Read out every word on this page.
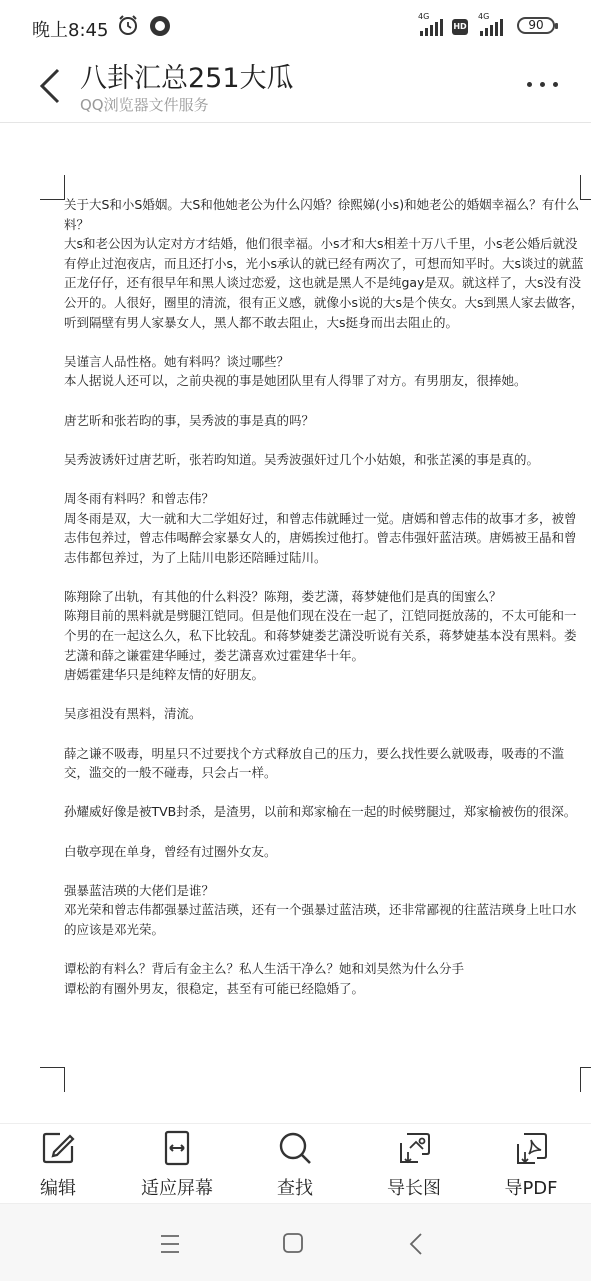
晚上8:45
4G
HD
4G
90
八卦汇总251大瓜
QQ浏览器文件服务

关于大S和小S婚姻。大S和他她老公为什么闪婚？徐熙娣(小s)和她老公的婚姻幸福么？有什么料？
大s和老公因为认定对方才结婚，他们很幸福。小s才和大s相差十万八千里，小s老公婚后就没有停止过泡夜店，而且还打小s，光小s承认的就已经有两次了，可想而知平时。大s谈过的就蓝正龙仔仔，还有很早年和黑人谈过恋爱，这也就是黑人不是纯gay是双。就这样了，大s没有没公开的。人很好，圈里的清流，很有正义感，就像小s说的大s是个侠女。大s到黑人家去做客，听到隔壁有男人家暴女人，黑人都不敢去阻止，大s挺身而出去阻止的。

吴谨言人品性格。她有料吗？谈过哪些？
本人据说人还可以，之前央视的事是她团队里有人得罪了对方。有男朋友，很捧她。

唐艺昕和张若昀的事，吴秀波的事是真的吗？

吴秀波诱奸过唐艺昕，张若昀知道。吴秀波强奸过几个小姑娘，和张芷溪的事是真的。

周冬雨有料吗？和曾志伟？
周冬雨是双，大一就和大二学姐好过，和曾志伟就睡过一觉。唐嫣和曾志伟的故事才多，被曾志伟包养过，曾志伟喝醉会家暴女人的，唐嫣挨过他打。曾志伟强奸蓝洁瑛。唐嫣被王晶和曾志伟都包养过，为了上陆川电影还陪睡过陆川。

陈翔除了出轨，有其他的什么料没？陈翔，娄艺潇，蒋梦婕他们是真的闺蜜么？
陈翔目前的黑料就是劈腿江铠同。但是他们现在没在一起了，江铠同挺放荡的，不太可能和一个男的在一起这么久，私下比较乱。和蒋梦婕娄艺潇没听说有关系，蒋梦婕基本没有黑料。娄艺潇和薛之谦霍建华睡过，娄艺潇喜欢过霍建华十年。
唐嫣霍建华只是纯粹友情的好朋友。

吴彦祖没有黑料，清流。

薛之谦不吸毒，明星只不过要找个方式释放自己的压力，要么找性要么就吸毒，吸毒的不滥交，滥交的一般不碰毒，只会占一样。

孙耀威好像是被TVB封杀，是渣男，以前和郑家榆在一起的时候劈腿过，郑家榆被伤的很深。

白敬亭现在单身，曾经有过圈外女友。

强暴蓝洁瑛的大佬们是谁？
邓光荣和曾志伟都强暴过蓝洁瑛，还有一个强暴过蓝洁瑛，还非常鄙视的往蓝洁瑛身上吐口水的应该是邓光荣。

谭松韵有料么？背后有金主么？私人生活干净么？她和刘昊然为什么分手
谭松韵有圈外男友，很稳定，甚至有可能已经隐婚了。

编辑	适应屏幕	查找	导长图	导PDF
